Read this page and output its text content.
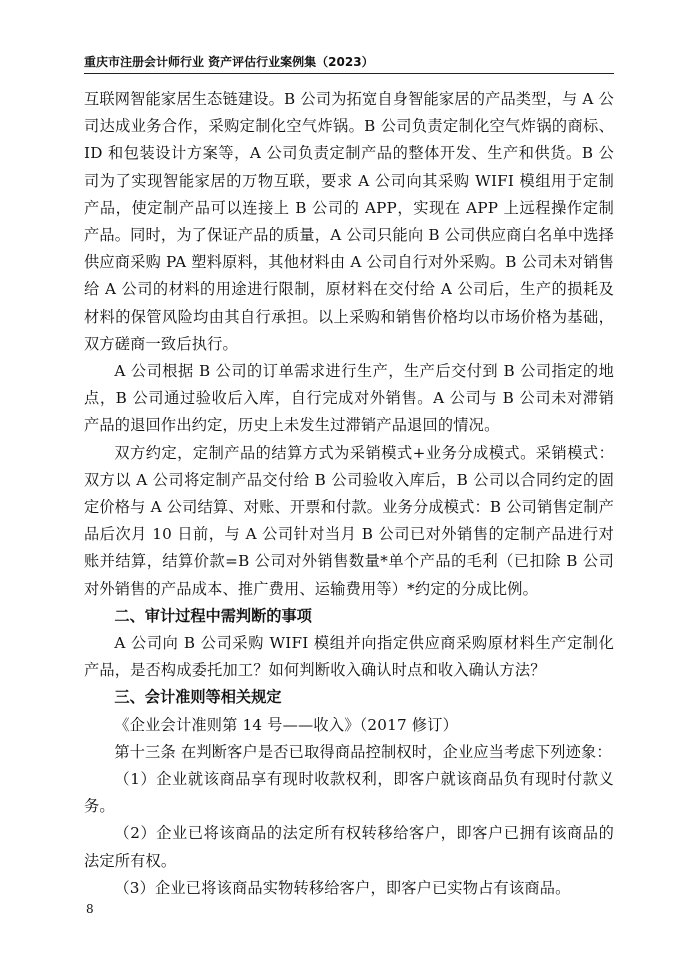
重庆市注册会计师行业 资产评估行业案例集（2023）

互联网智能家居生态链建设。B 公司为拓宽自身智能家居的产品类型，与 A 公司达成业务合作，采购定制化空气炸锅。B 公司负责定制化空气炸锅的商标、ID 和包装设计方案等，A 公司负责定制产品的整体开发、生产和供货。B 公司为了实现智能家居的万物互联，要求 A 公司向其采购 WIFI 模组用于定制产品，使定制产品可以连接上 B 公司的 APP，实现在 APP 上远程操作定制产品。同时，为了保证产品的质量，A 公司只能向 B 公司供应商白名单中选择供应商采购 PA 塑料原料，其他材料由 A 公司自行对外采购。B 公司未对销售给 A 公司的材料的用途进行限制，原材料在交付给 A 公司后，生产的损耗及材料的保管风险均由其自行承担。以上采购和销售价格均以市场价格为基础，双方磋商一致后执行。

A 公司根据 B 公司的订单需求进行生产，生产后交付到 B 公司指定的地点，B 公司通过验收后入库，自行完成对外销售。A 公司与 B 公司未对滞销产品的退回作出约定，历史上未发生过滞销产品退回的情况。

双方约定，定制产品的结算方式为采销模式+业务分成模式。采销模式：双方以 A 公司将定制产品交付给 B 公司验收入库后，B 公司以合同约定的固定价格与 A 公司结算、对账、开票和付款。业务分成模式：B 公司销售定制产品后次月 10 日前，与 A 公司针对当月 B 公司已对外销售的定制产品进行对账并结算，结算价款=B 公司对外销售数量*单个产品的毛利（已扣除 B 公司对外销售的产品成本、推广费用、运输费用等）*约定的分成比例。

二、审计过程中需判断的事项

A 公司向 B 公司采购 WIFI 模组并向指定供应商采购原材料生产定制化产品，是否构成委托加工？如何判断收入确认时点和收入确认方法？

三、会计准则等相关规定

《企业会计准则第 14 号——收入》（2017 修订）

第十三条 在判断客户是否已取得商品控制权时，企业应当考虑下列迹象：

（1）企业就该商品享有现时收款权利，即客户就该商品负有现时付款义务。

（2）企业已将该商品的法定所有权转移给客户，即客户已拥有该商品的法定所有权。

（3）企业已将该商品实物转移给客户，即客户已实物占有该商品。

8
